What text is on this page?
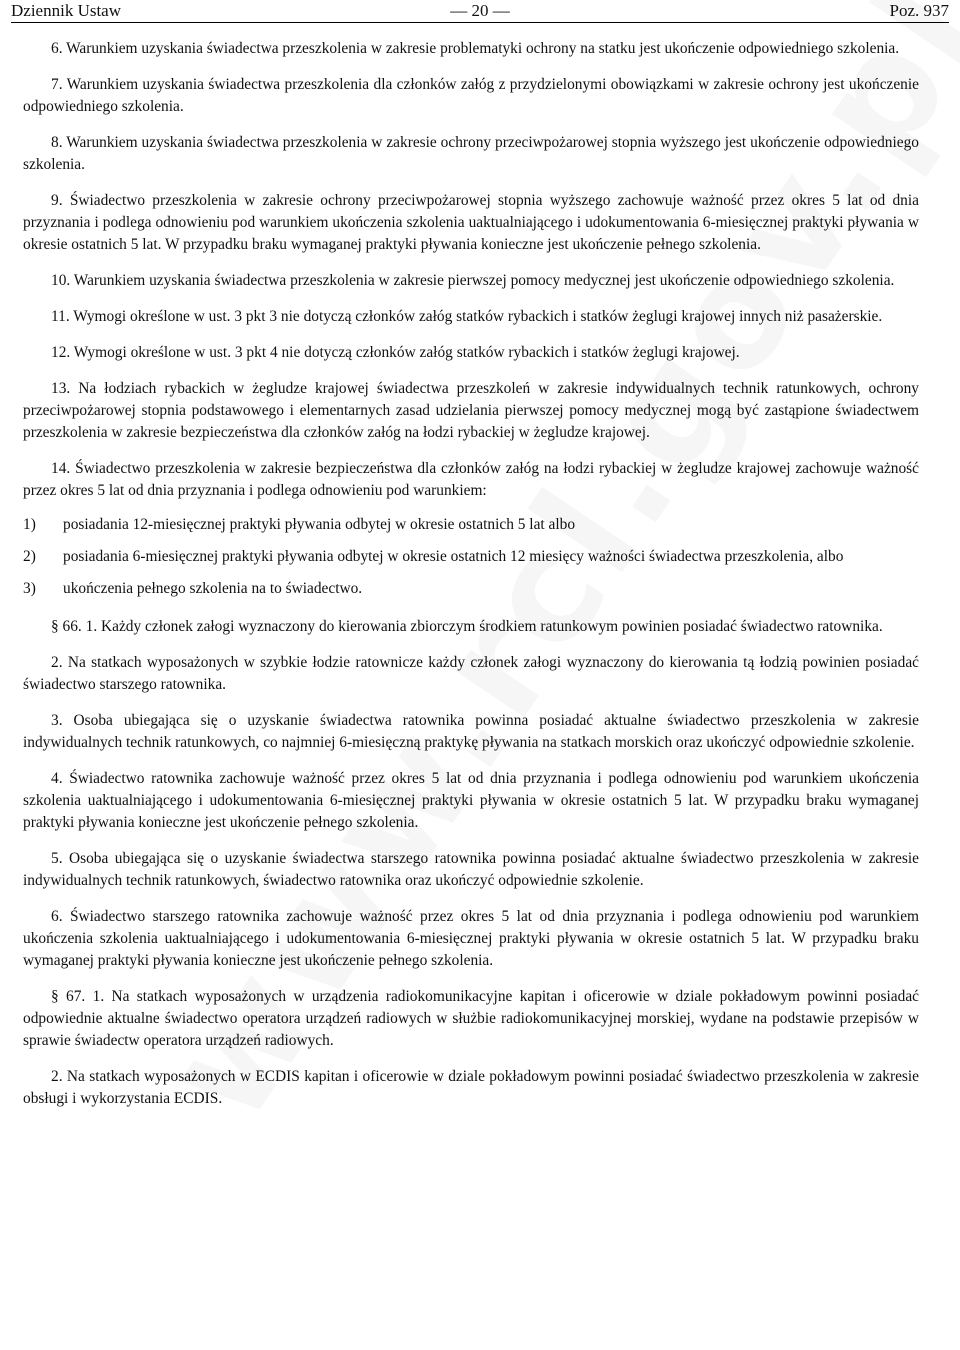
Dziennik Ustaw	— 20 —	Poz. 937

6. Warunkiem uzyskania świadectwa przeszkolenia w zakresie problematyki ochrony na statku jest ukończenie odpowiedniego szkolenia.

7. Warunkiem uzyskania świadectwa przeszkolenia dla członków załóg z przydzielonymi obowiązkami w zakresie ochrony jest ukończenie odpowiedniego szkolenia.

8. Warunkiem uzyskania świadectwa przeszkolenia w zakresie ochrony przeciwpożarowej stopnia wyższego jest ukończenie odpowiedniego szkolenia.

9. Świadectwo przeszkolenia w zakresie ochrony przeciwpożarowej stopnia wyższego zachowuje ważność przez okres 5 lat od dnia przyznania i podlega odnowieniu pod warunkiem ukończenia szkolenia uaktualniającego i udokumentowania 6-miesięcznej praktyki pływania w okresie ostatnich 5 lat. W przypadku braku wymaganej praktyki pływania konieczne jest ukończenie pełnego szkolenia.

10. Warunkiem uzyskania świadectwa przeszkolenia w zakresie pierwszej pomocy medycznej jest ukończenie odpowiedniego szkolenia.

11. Wymogi określone w ust. 3 pkt 3 nie dotyczą członków załóg statków rybackich i statków żeglugi krajowej innych niż pasażerskie.

12. Wymogi określone w ust. 3 pkt 4 nie dotyczą członków załóg statków rybackich i statków żeglugi krajowej.

13. Na łodziach rybackich w żegludze krajowej świadectwa przeszkoleń w zakresie indywidualnych technik ratunkowych, ochrony przeciwpożarowej stopnia podstawowego i elementarnych zasad udzielania pierwszej pomocy medycznej mogą być zastąpione świadectwem przeszkolenia w zakresie bezpieczeństwa dla członków załóg na łodzi rybackiej w żegludze krajowej.

14. Świadectwo przeszkolenia w zakresie bezpieczeństwa dla członków załóg na łodzi rybackiej w żegludze krajowej zachowuje ważność przez okres 5 lat od dnia przyznania i podlega odnowieniu pod warunkiem:

1)	posiadania 12-miesięcznej praktyki pływania odbytej w okresie ostatnich 5 lat albo
2)	posiadania 6-miesięcznej praktyki pływania odbytej w okresie ostatnich 12 miesięcy ważności świadectwa przeszkolenia, albo
3)	ukończenia pełnego szkolenia na to świadectwo.

§ 66. 1. Każdy członek załogi wyznaczony do kierowania zbiorczym środkiem ratunkowym powinien posiadać świadectwo ratownika.

2. Na statkach wyposażonych w szybkie łodzie ratownicze każdy członek załogi wyznaczony do kierowania tą łodzią powinien posiadać świadectwo starszego ratownika.

3. Osoba ubiegająca się o uzyskanie świadectwa ratownika powinna posiadać aktualne świadectwo przeszkolenia w zakresie indywidualnych technik ratunkowych, co najmniej 6-miesięczną praktykę pływania na statkach morskich oraz ukończyć odpowiednie szkolenie.

4. Świadectwo ratownika zachowuje ważność przez okres 5 lat od dnia przyznania i podlega odnowieniu pod warunkiem ukończenia szkolenia uaktualniającego i udokumentowania 6-miesięcznej praktyki pływania w okresie ostatnich 5 lat. W przypadku braku wymaganej praktyki pływania konieczne jest ukończenie pełnego szkolenia.

5. Osoba ubiegająca się o uzyskanie świadectwa starszego ratownika powinna posiadać aktualne świadectwo przeszkolenia w zakresie indywidualnych technik ratunkowych, świadectwo ratownika oraz ukończyć odpowiednie szkolenie.

6. Świadectwo starszego ratownika zachowuje ważność przez okres 5 lat od dnia przyznania i podlega odnowieniu pod warunkiem ukończenia szkolenia uaktualniającego i udokumentowania 6-miesięcznej praktyki pływania w okresie ostatnich 5 lat. W przypadku braku wymaganej praktyki pływania konieczne jest ukończenie pełnego szkolenia.

§ 67. 1. Na statkach wyposażonych w urządzenia radiokomunikacyjne kapitan i oficerowie w dziale pokładowym powinni posiadać odpowiednie aktualne świadectwo operatora urządzeń radiowych w służbie radiokomunikacyjnej morskiej, wydane na podstawie przepisów w sprawie świadectw operatora urządzeń radiowych.

2. Na statkach wyposażonych w ECDIS kapitan i oficerowie w dziale pokładowym powinni posiadać świadectwo przeszkolenia w zakresie obsługi i wykorzystania ECDIS.
